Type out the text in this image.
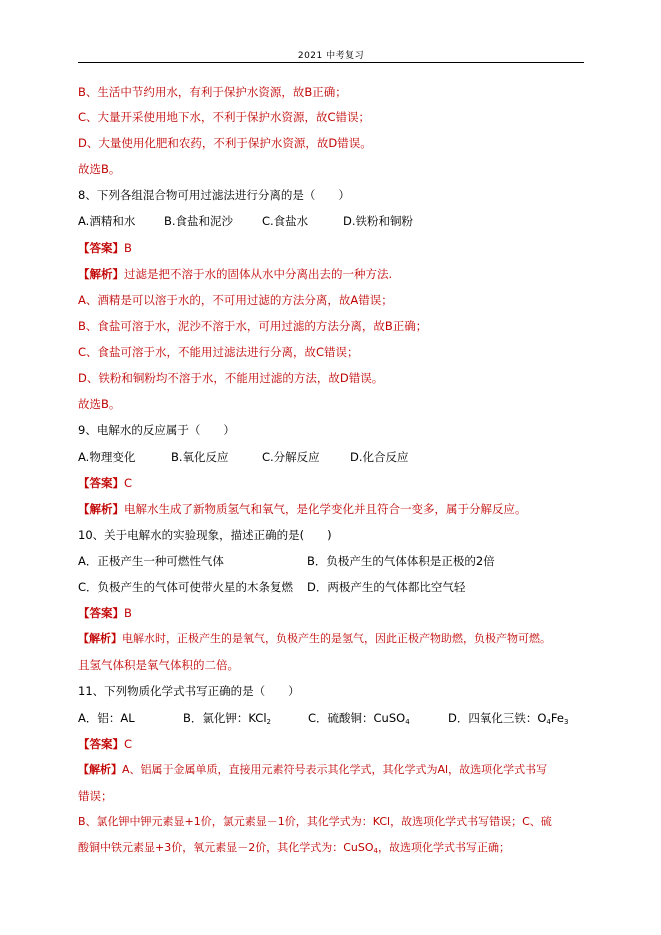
2021 中考复习
B、生活中节约用水，有利于保护水资源，故B正确；
C、大量开采使用地下水，不利于保护水资源，故C错误；
D、大量使用化肥和农药，不利于保护水资源，故D错误。
故选B。
8、下列各组混合物可用过滤法进行分离的是（　　）
A.酒精和水 B.食盐和泥沙	C.食盐水	D.铁粉和铜粉
【答案】B
【解析】过滤是把不溶于水的固体从水中分离出去的一种方法.
A、酒精是可以溶于水的，不可用过滤的方法分离，故A错误；
B、食盐可溶于水，泥沙不溶于水，可用过滤的方法分离，故B正确；
C、食盐可溶于水，不能用过滤法进行分离，故C错误；
D、铁粉和铜粉均不溶于水，不能用过滤的方法，故D错误。
故选B。
9、电解水的反应属于（　　）
A.物理变化	B.氧化反应	C.分解反应	D.化合反应
【答案】C
【解析】电解水生成了新物质氢气和氧气，是化学变化并且符合一变多，属于分解反应。
10、关于电解水的实验现象，描述正确的是(　　)
A．正极产生一种可燃性气体	B．负极产生的气体体积是正极的2倍
C．负极产生的气体可使带火星的木条复燃 D．两极产生的气体都比空气轻
【答案】B
【解析】电解水时，正极产生的是氧气，负极产生的是氢气，因此正极产物助燃，负极产物可燃。
且氢气体积是氧气体积的二倍。
11、下列物质化学式书写正确的是（　　）
A．铝：AL	B．氯化钾：KCl$_2$	C．硫酸铜：CuSO$_4$	D．四氧化三铁：$O_4Fe_3$
【答案】C
【解析】A、铝属于金属单质，直接用元素符号表示其化学式，其化学式为Al，故选项化学式书写
错误；
B、氯化钾中钾元素显+1价，氯元素显－1价，其化学式为：KCl，故选项化学式书写错误；C、硫
酸铜中铁元素显+3价，氧元素显－2价，其化学式为：CuSO$_4$，故选项化学式书写正确；
